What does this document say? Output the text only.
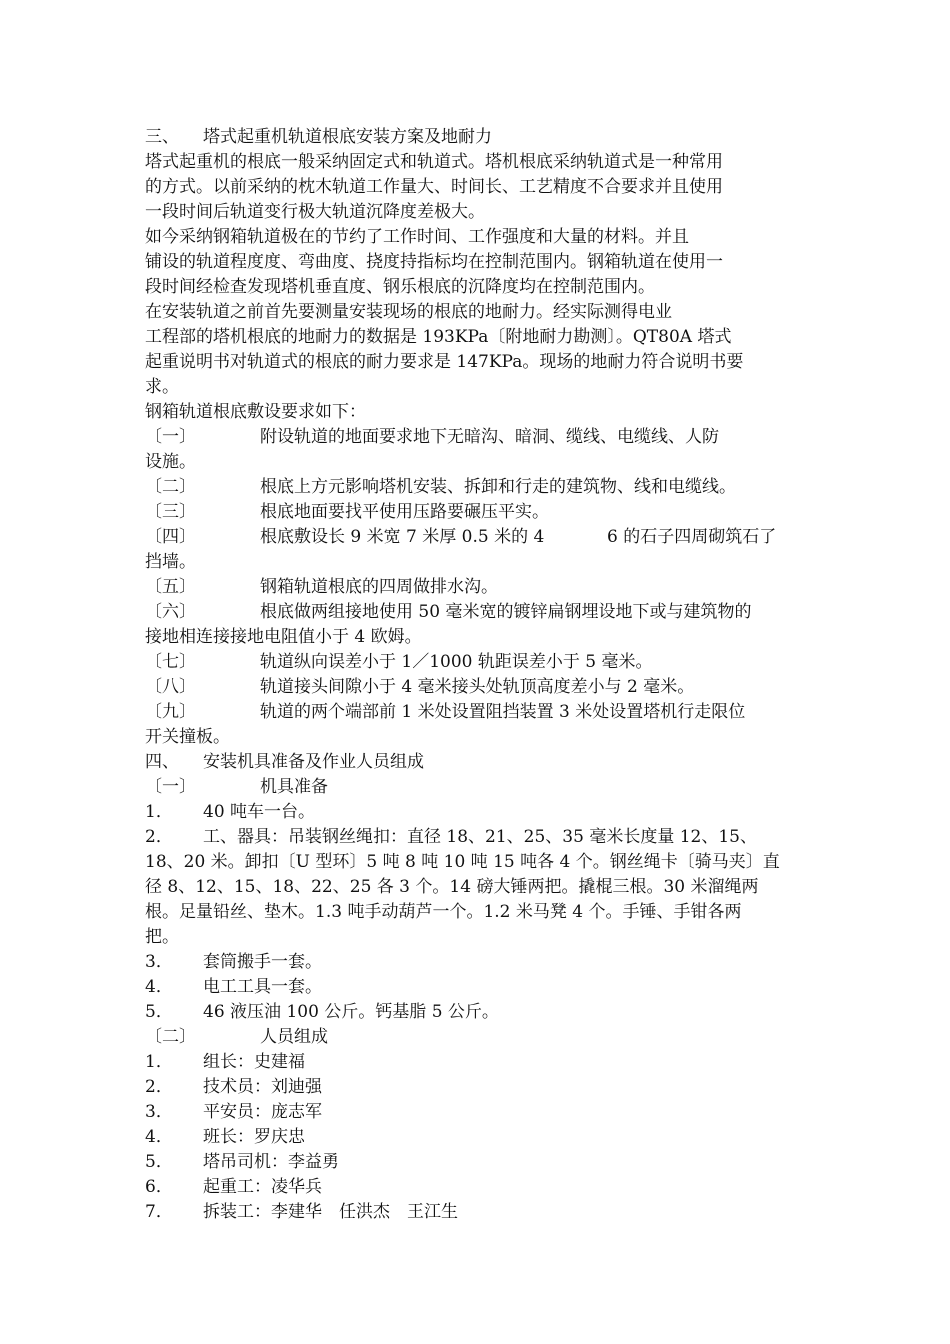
三、 塔式起重机轨道根底安装方案及地耐力
塔式起重机的根底一般采纳固定式和轨道式。塔机根底采纳轨道式是一种常用
的方式。以前采纳的枕木轨道工作量大、时间长、工艺精度不合要求并且使用
一段时间后轨道变行极大轨道沉降度差极大。
如今采纳钢箱轨道极在的节约了工作时间、工作强度和大量的材料。并且
铺设的轨道程度度、弯曲度、挠度持指标均在控制范围内。钢箱轨道在使用一
段时间经检查发现塔机垂直度、钢乐根底的沉降度均在控制范围内。
在安装轨道之前首先要测量安装现场的根底的地耐力。经实际测得电业
工程部的塔机根底的地耐力的数据是 193KPa〔附地耐力勘测〕。QT80A 塔式
起重说明书对轨道式的根底的耐力要求是 147KPa。现场的地耐力符合说明书要
求。
钢箱轨道根底敷设要求如下：
〔一〕	附设轨道的地面要求地下无暗沟、暗洞、缆线、电缆线、人防
设施。
〔二〕	根底上方元影响塔机安装、拆卸和行走的建筑物、线和电缆线。
〔三〕	根底地面要找平使用压路要碾压平实。
〔四〕	根底敷设长 9 米宽 7 米厚 0.5 米的 4	6 的石子四周砌筑石了
挡墙。
〔五〕	钢箱轨道根底的四周做排水沟。
〔六〕	根底做两组接地使用 50 毫米宽的镀锌扁钢埋设地下或与建筑物的
接地相连接接地电阻值小于 4 欧姆。
〔七〕	轨道纵向误差小于 1／1000 轨距误差小于 5 毫米。
〔八〕	轨道接头间隙小于 4 毫米接头处轨顶高度差小与 2 毫米。
〔九〕	轨道的两个端部前 1 米处设置阻挡装置 3 米处设置塔机行走限位
开关撞板。
四、 安装机具准备及作业人员组成
〔一〕	机具准备
1． 40 吨车一台。
2． 工、器具：吊装钢丝绳扣：直径 18、21、25、35 毫米长度量 12、15、
18、20 米。卸扣〔U 型环〕5 吨 8 吨 10 吨 15 吨各 4 个。钢丝绳卡〔骑马夹〕直
径 8、12、15、18、22、25 各 3 个。14 磅大锤两把。撬棍三根。30 米溜绳两
根。足量铅丝、垫木。1.3 吨手动葫芦一个。1.2 米马凳 4 个。手锤、手钳各两
把。
3． 套筒搬手一套。
4． 电工工具一套。
5． 46 液压油 100 公斤。钙基脂 5 公斤。
〔二〕	人员组成
1． 组长：史建福
2． 技术员：刘迪强
3． 平安员：庞志军
4． 班长：罗庆忠
5． 塔吊司机：李益勇
6． 起重工：凌华兵
7． 拆装工：李建华　任洪杰　王江生
